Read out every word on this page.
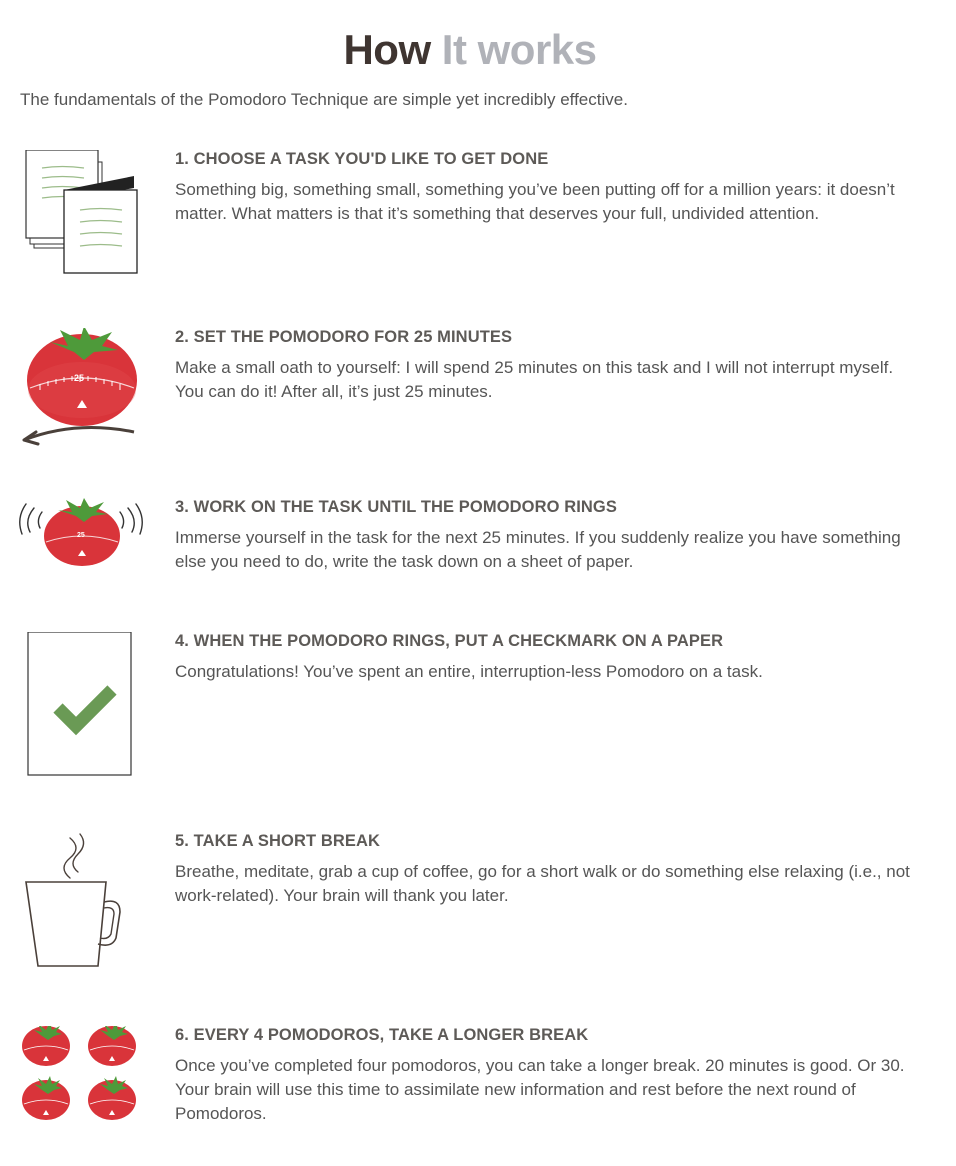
How It works
The fundamentals of the Pomodoro Technique are simple yet incredibly effective.
1. CHOOSE A TASK YOU'D LIKE TO GET DONE
Something big, something small, something you’ve been putting off for a million years: it doesn’t matter. What matters is that it’s something that deserves your full, undivided attention.
25
2. SET THE POMODORO FOR 25 MINUTES
Make a small oath to yourself: I will spend 25 minutes on this task and I will not interrupt myself. You can do it! After all, it’s just 25 minutes.
25
3. WORK ON THE TASK UNTIL THE POMODORO RINGS
Immerse yourself in the task for the next 25 minutes. If you suddenly realize you have something else you need to do, write the task down on a sheet of paper.
4. WHEN THE POMODORO RINGS, PUT A CHECKMARK ON A PAPER
Congratulations! You’ve spent an entire, interruption-less Pomodoro on a task.
5. TAKE A SHORT BREAK
Breathe, meditate, grab a cup of coffee, go for a short walk or do something else relaxing (i.e., not work-related). Your brain will thank you later.
6. EVERY 4 POMODOROS, TAKE A LONGER BREAK
Once you’ve completed four pomodoros, you can take a longer break. 20 minutes is good. Or 30. Your brain will use this time to assimilate new information and rest before the next round of Pomodoros.
